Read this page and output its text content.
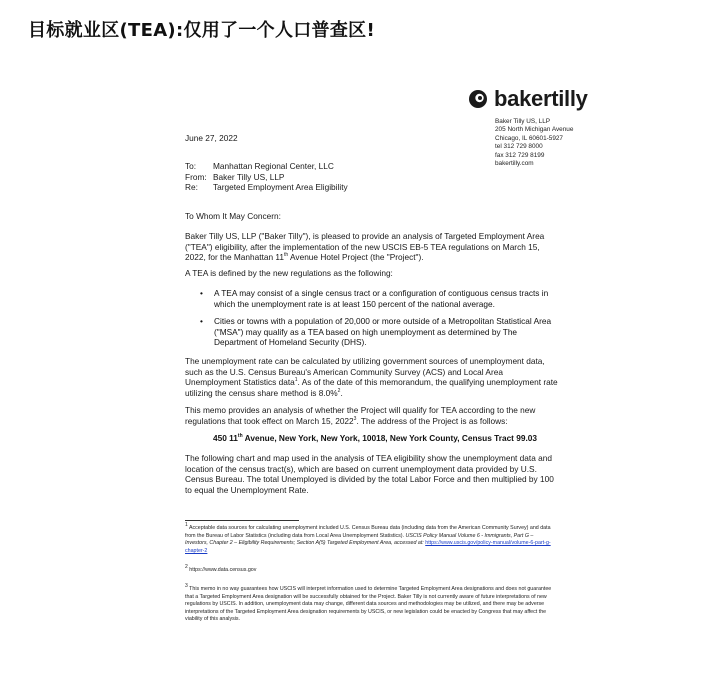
目标就业区(TEA):仅用了一个人口普查区!
bakertilly
Baker Tilly US, LLP
205 North Michigan Avenue
Chicago, IL 60601-5927
tel 312 729 8000
fax 312 729 8199
bakertilly.com
June 27, 2022
To:	Manhattan Regional Center, LLC
From: Baker Tilly US, LLP
Re:	Targeted Employment Area Eligibility
To Whom It May Concern:

Baker Tilly US, LLP ("Baker Tilly"), is pleased to provide an analysis of Targeted Employment Area ("TEA") eligibility, after the implementation of the new USCIS EB-5 TEA regulations on March 15, 2022, for the Manhattan 11th Avenue Hotel Project (the "Project").

A TEA is defined by the new regulations as the following:
•	A TEA may consist of a single census tract or a configuration of contiguous census tracts in which the unemployment rate is at least 150 percent of the national average.
•	Cities or towns with a population of 20,000 or more outside of a Metropolitan Statistical Area ("MSA") may qualify as a TEA based on high unemployment as determined by The Department of Homeland Security (DHS).

The unemployment rate can be calculated by utilizing government sources of unemployment data, such as the U.S. Census Bureau's American Community Survey (ACS) and Local Area Unemployment Statistics data$^1$. As of the date of this memorandum, the qualifying unemployment rate utilizing the census share method is 8.0%$^2$.

This memo provides an analysis of whether the Project will qualify for TEA according to the new regulations that took effect on March 15, 2022$^3$. The address of the Project is as follows:

450 11th Avenue, New York, New York, 10018, New York County, Census Tract 99.03

The following chart and map used in the analysis of TEA eligibility show the unemployment data and location of the census tract(s), which are based on current unemployment data provided by U.S. Census Bureau. The total Unemployed is divided by the total Labor Force and then multiplied by 100 to equal the Unemployment Rate.

$^1$ Acceptable data sources for calculating unemployment included U.S. Census Bureau data (including data from the American Community Survey) and data from the Bureau of Labor Statistics (including data from Local Area Unemployment Statistics). USCIS Policy Manual Volume 6 - Immigrants, Part G – Investors, Chapter 2 – Eligibility Requirements; Section A(5) Targeted Employment Area, accessed at: https://www.uscis.gov/policy-manual/volume-6-part-g-chapter-2
$^2$ https://www.data.census.gov
$^3$ This memo in no way guarantees how USCIS will interpret information used to determine Targeted Employment Area designations and does not guarantee that a Targeted Employment Area designation will be successfully obtained for the Project. Baker Tilly is not currently aware of future interpretations of new regulations by USCIS. In addition, unemployment data may change, different data sources and methodologies may be utilized, and there may be adverse interpretations of the Targeted Employment Area designation requirements by USCIS, or new legislation could be enacted by Congress that may affect the viability of this analysis.
